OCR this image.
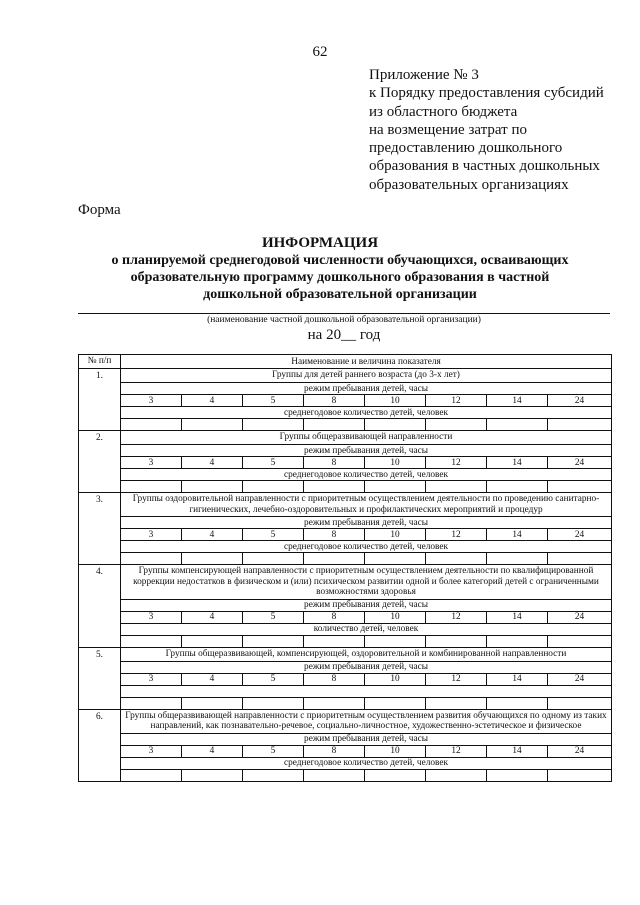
62
Приложение № 3
к Порядку предоставления субсидий
из областного бюджета
на возмещение затрат по
предоставлению дошкольного
образования в частных дошкольных
образовательных организациях
Форма
ИНФОРМАЦИЯ
о планируемой среднегодовой численности обучающихся, осваивающих
образовательную программу дошкольного образования в частной
дошкольной образовательной организации
(наименование частной дошкольной образовательной организации)
на 20__ год
№ п/п	Наименование и величина показателя							
1.	Группы для детей раннего возраста (до 3-х лет)							
	режим пребывания детей, часы							
	3	4	5	8	10	12	14	24
	среднегодовое количество детей, человек							

2.	Группы общеразвивающей направленности							
	режим пребывания детей, часы							
	3	4	5	8	10	12	14	24
	среднегодовое количество детей, человек							

3.	Группы оздоровительной направленности с приоритетным осуществлением деятельности по проведению санитарно-гигиенических, лечебно-оздоровительных и профилактических мероприятий и процедур							
	режим пребывания детей, часы							
	3	4	5	8	10	12	14	24
	среднегодовое количество детей, человек							

4.	Группы компенсирующей направленности с приоритетным осуществлением деятельности по квалифицированной коррекции недостатков в физическом и (или) психическом развитии одной и более категорий детей с ограниченными возможностями здоровья							
	режим пребывания детей, часы							
	3	4	5	8	10	12	14	24
	количество детей, человек							

5.	Группы общеразвивающей, компенсирующей, оздоровительной и комбинированной направленности							
	режим пребывания детей, часы							
	3	4	5	8	10	12	14	24

6.	Группы общеразвивающей направленности с приоритетным осуществлением развития обучающихся по одному из таких направлений, как познавательно-речевое, социально-личностное, художественно-эстетическое и физическое							
	режим пребывания детей, часы							
	3	4	5	8	10	12	14	24
	среднегодовое количество детей, человек							
